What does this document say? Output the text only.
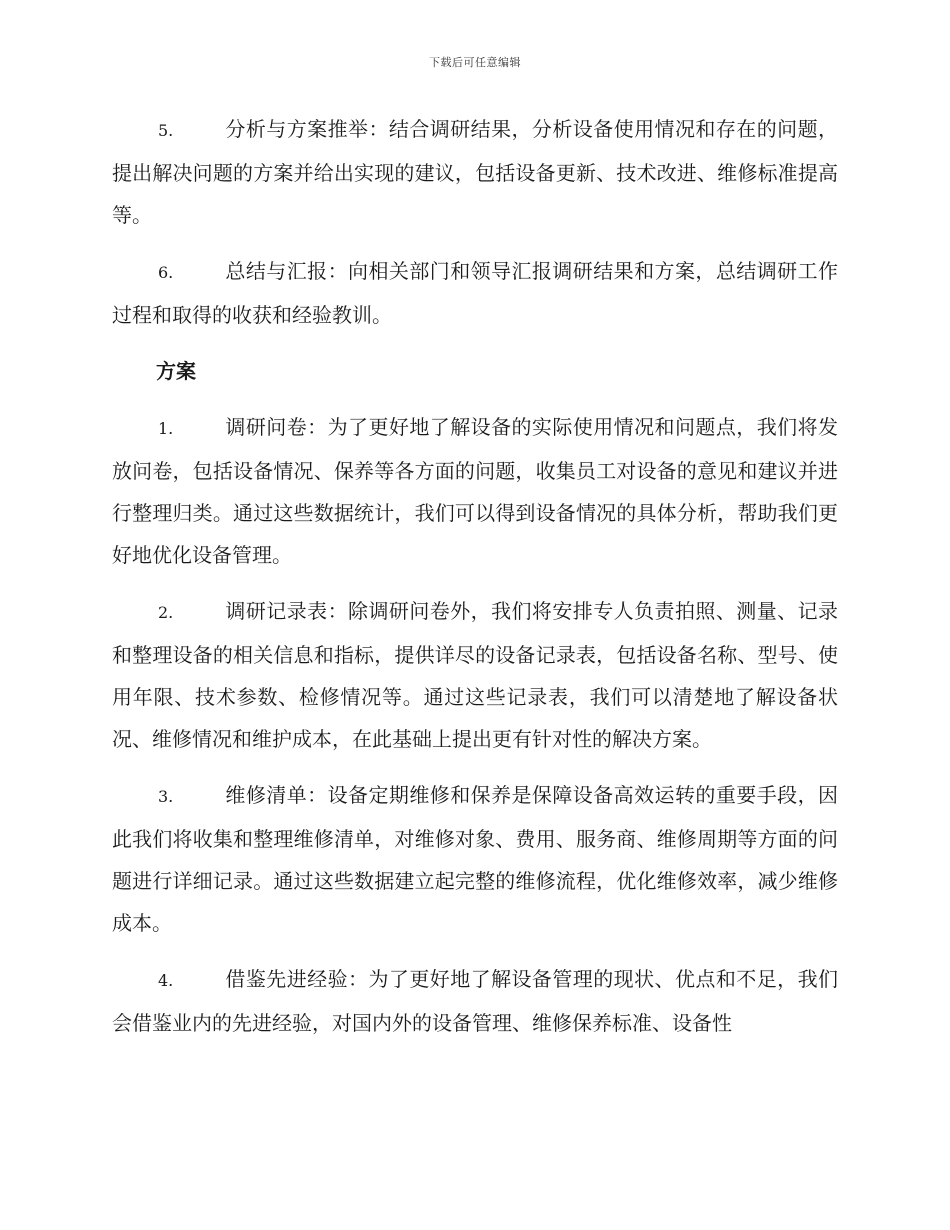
下载后可任意编辑

5.	分析与方案推举：结合调研结果，分析设备使用情况和存在的问题，提出解决问题的方案并给出实现的建议，包括设备更新、技术改进、维修标准提高等。

6.	总结与汇报：向相关部门和领导汇报调研结果和方案，总结调研工作过程和取得的收获和经验教训。

方案

1.	调研问卷：为了更好地了解设备的实际使用情况和问题点，我们将发放问卷，包括设备情况、保养等各方面的问题，收集员工对设备的意见和建议并进行整理归类。通过这些数据统计，我们可以得到设备情况的具体分析，帮助我们更好地优化设备管理。

2.	调研记录表：除调研问卷外，我们将安排专人负责拍照、测量、记录和整理设备的相关信息和指标，提供详尽的设备记录表，包括设备名称、型号、使用年限、技术参数、检修情况等。通过这些记录表，我们可以清楚地了解设备状况、维修情况和维护成本，在此基础上提出更有针对性的解决方案。

3.	维修清单：设备定期维修和保养是保障设备高效运转的重要手段，因此我们将收集和整理维修清单，对维修对象、费用、服务商、维修周期等方面的问题进行详细记录。通过这些数据建立起完整的维修流程，优化维修效率，减少维修成本。

4.	借鉴先进经验：为了更好地了解设备管理的现状、优点和不足，我们会借鉴业内的先进经验，对国内外的设备管理、维修保养标准、设备性
